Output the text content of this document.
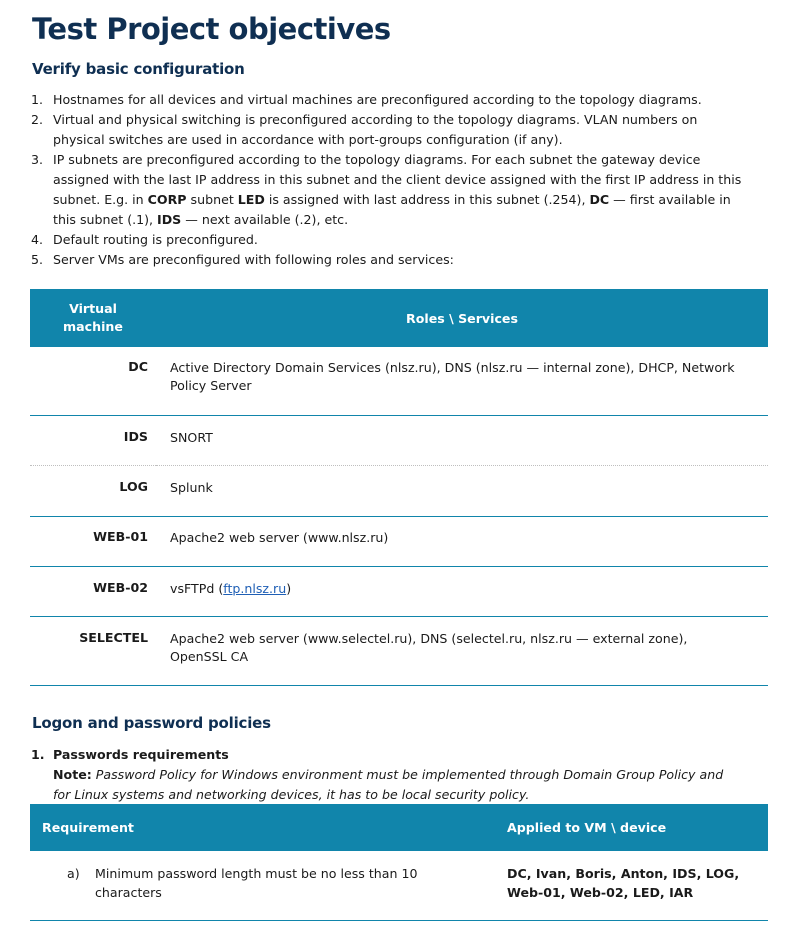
Test Project objectives
Verify basic configuration
1. Hostnames for all devices and virtual machines are preconfigured according to the topology diagrams.
2. Virtual and physical switching is preconfigured according to the topology diagrams. VLAN numbers on
physical switches are used in accordance with port-groups configuration (if any).
3. IP subnets are preconfigured according to the topology diagrams. For each subnet the gateway device
assigned with the last IP address in this subnet and the client device assigned with the first IP address in this
subnet. E.g. in CORP subnet LED is assigned with last address in this subnet (.254), DC — first available in
this subnet (.1), IDS — next available (.2), etc.
4. Default routing is preconfigured.
5. Server VMs are preconfigured with following roles and services:
Virtual
machine	Roles \ Services
DC	Active Directory Domain Services (nlsz.ru), DNS (nlsz.ru — internal zone), DHCP, Network
Policy Server
IDS	SNORT
LOG	Splunk
WEB-01	Apache2 web server (www.nlsz.ru)
WEB-02	vsFTPd (ftp.nlsz.ru)
SELECTEL	Apache2 web server (www.selectel.ru), DNS (selectel.ru, nlsz.ru — external zone),
OpenSSL CA
Logon and password policies
1. Passwords requirements
Note: Password Policy for Windows environment must be implemented through Domain Group Policy and
for Linux systems and networking devices, it has to be local security policy.
Requirement	Applied to VM \ device
a) Minimum password length must be no less than 10
characters	DC, Ivan, Boris, Anton, IDS, LOG,
Web-01, Web-02, LED, IAR
